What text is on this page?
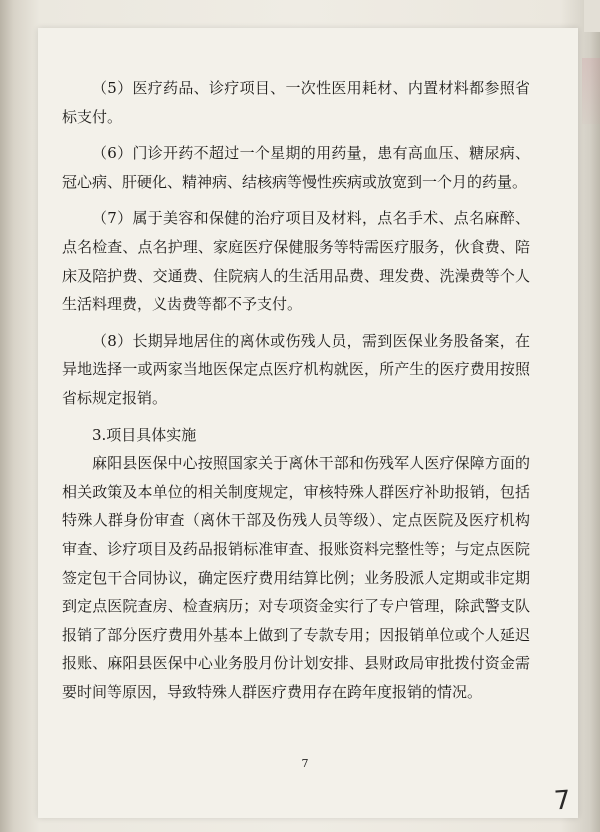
（5）医疗药品、诊疗项目、一次性医用耗材、内置材料都参照省标支付。

（6）门诊开药不超过一个星期的用药量，患有高血压、糖尿病、冠心病、肝硬化、精神病、结核病等慢性疾病或放宽到一个月的药量。

（7）属于美容和保健的治疗项目及材料，点名手术、点名麻醉、点名检查、点名护理、家庭医疗保健服务等特需医疗服务，伙食费、陪床及陪护费、交通费、住院病人的生活用品费、理发费、洗澡费等个人生活料理费，义齿费等都不予支付。

（8）长期异地居住的离休或伤残人员，需到医保业务股备案，在异地选择一或两家当地医保定点医疗机构就医，所产生的医疗费用按照省标规定报销。

3.项目具体实施

麻阳县医保中心按照国家关于离休干部和伤残军人医疗保障方面的相关政策及本单位的相关制度规定，审核特殊人群医疗补助报销，包括特殊人群身份审查（离休干部及伤残人员等级）、定点医院及医疗机构审查、诊疗项目及药品报销标准审查、报账资料完整性等；与定点医院签定包干合同协议，确定医疗费用结算比例；业务股派人定期或非定期到定点医院查房、检查病历；对专项资金实行了专户管理，除武警支队报销了部分医疗费用外基本上做到了专款专用；因报销单位或个人延迟报账、麻阳县医保中心业务股月份计划安排、县财政局审批拨付资金需要时间等原因，导致特殊人群医疗费用存在跨年度报销的情况。

7
7
